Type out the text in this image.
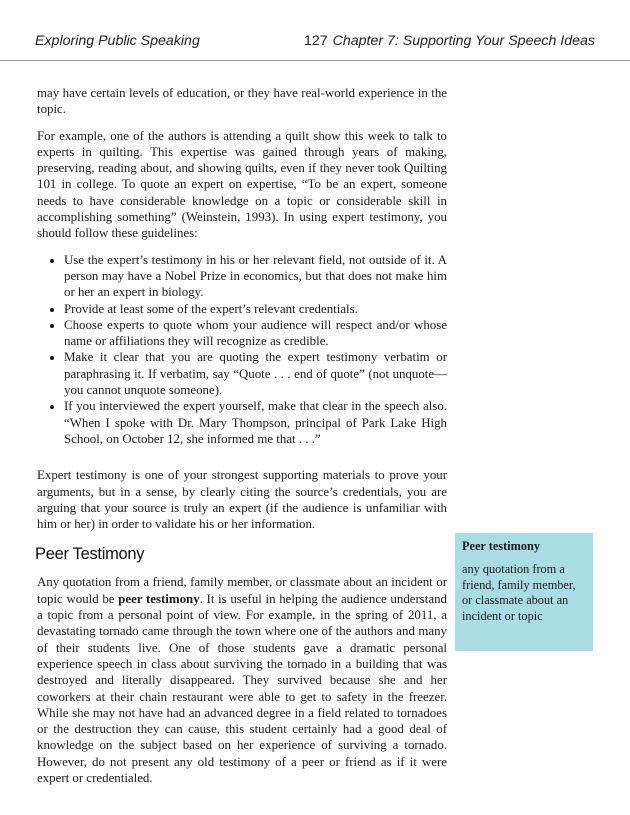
Exploring Public Speaking	127 Chapter 7: Supporting Your Speech Ideas

may have certain levels of education, or they have real-world experience in the topic.

For example, one of the authors is attending a quilt show this week to talk to experts in quilting. This expertise was gained through years of making, preserving, reading about, and showing quilts, even if they never took Quilting 101 in college. To quote an expert on expertise, “To be an expert, someone needs to have considerable knowledge on a topic or considerable skill in accomplishing something” (Weinstein, 1993). In using expert testimony, you should follow these guidelines:

• Use the expert’s testimony in his or her relevant field, not outside of it. A person may have a Nobel Prize in economics, but that does not make him or her an expert in biology.
• Provide at least some of the expert’s relevant credentials.
• Choose experts to quote whom your audience will respect and/or whose name or affiliations they will recognize as credible.
• Make it clear that you are quoting the expert testimony verbatim or paraphrasing it. If verbatim, say “Quote . . . end of quote” (not unquote—you cannot unquote someone).
• If you interviewed the expert yourself, make that clear in the speech also. “When I spoke with Dr. Mary Thompson, principal of Park Lake High School, on October 12, she informed me that . . .”

Expert testimony is one of your strongest supporting materials to prove your arguments, but in a sense, by clearly citing the source’s credentials, you are arguing that your source is truly an expert (if the audience is unfamiliar with him or her) in order to validate his or her information.

Peer Testimony

Any quotation from a friend, family member, or classmate about an incident or topic would be peer testimony. It is useful in helping the audience understand a topic from a personal point of view. For example, in the spring of 2011, a devastating tornado came through the town where one of the authors and many of their students live. One of those students gave a dramatic personal experience speech in class about surviving the tornado in a building that was destroyed and literally disappeared. They survived because she and her coworkers at their chain restaurant were able to get to safety in the freezer. While she may not have had an advanced degree in a field related to tornadoes or the destruction they can cause, this student certainly had a good deal of knowledge on the subject based on her experience of surviving a tornado. However, do not present any old testimony of a peer or friend as if it were expert or credentialed.

Peer testimony
any quotation from a friend, family member, or classmate about an incident or topic
